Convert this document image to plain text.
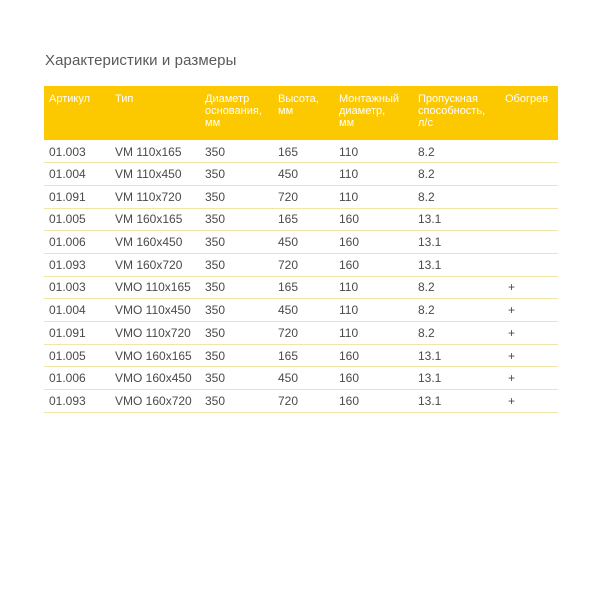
Характеристики и размеры
Артикул	Тип	Диаметр
основания,
мм	Высота,
мм	Монтажный
диаметр,
мм	Пропускная
способность,
л/с	Обогрев
01.003	VM 110x165	350	165	110	8.2	
01.004	VM 110x450	350	450	110	8.2	
01.091	VM 110x720	350	720	110	8.2	
01.005	VM 160x165	350	165	160	13.1	
01.006	VM 160x450	350	450	160	13.1	
01.093	VM 160x720	350	720	160	13.1	
01.003	VMO 110x165	350	165	110	8.2	+
01.004	VMO 110x450	350	450	110	8.2	+
01.091	VMO 110x720	350	720	110	8.2	+
01.005	VMO 160x165	350	165	160	13.1	+
01.006	VMO 160x450	350	450	160	13.1	+
01.093	VMO 160x720	350	720	160	13.1	+
